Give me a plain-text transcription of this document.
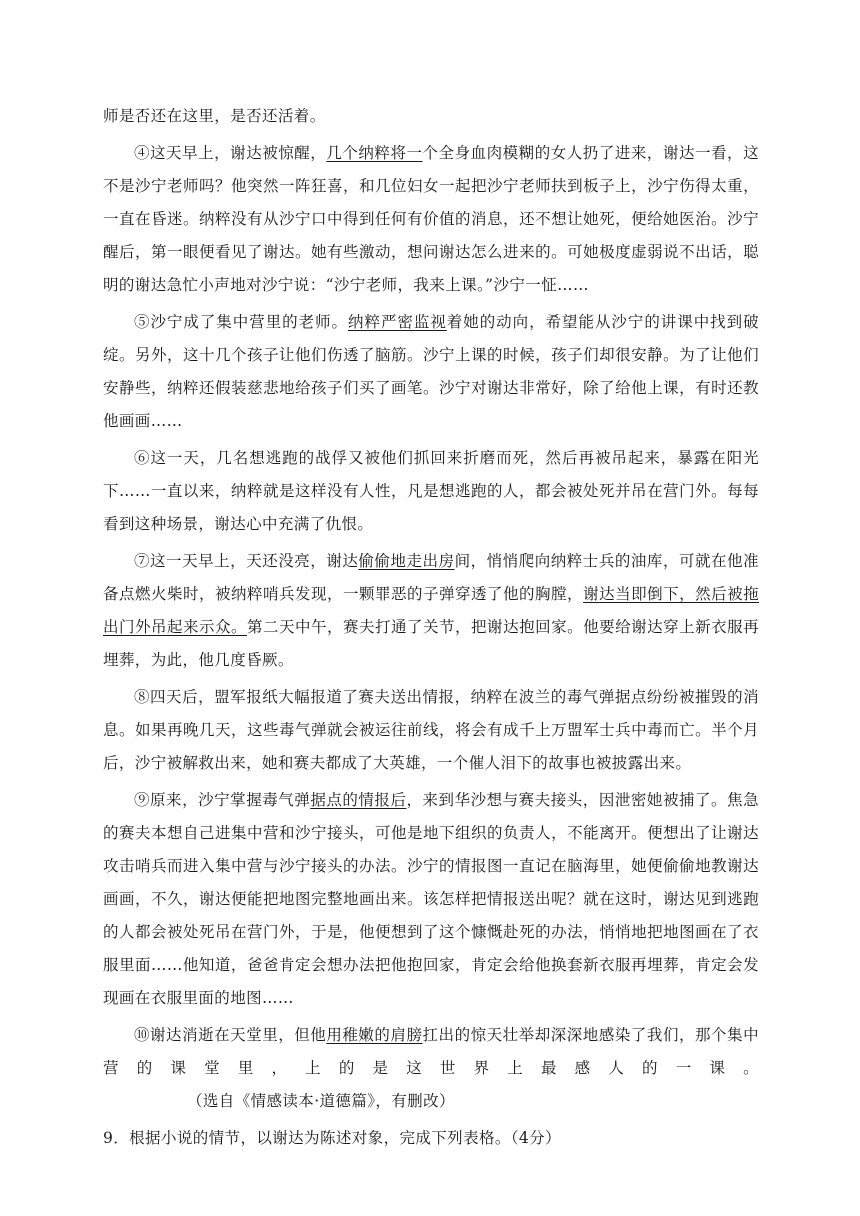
师是否还在这里，是否还活着。

④这天早上，谢达被惊醒，几个纳粹将一个全身血肉模糊的女人扔了进来，谢达一看，这不是沙宁老师吗？他突然一阵狂喜，和几位妇女一起把沙宁老师扶到板子上，沙宁伤得太重，一直在昏迷。纳粹没有从沙宁口中得到任何有价值的消息，还不想让她死，便给她医治。沙宁醒后，第一眼便看见了谢达。她有些激动，想问谢达怎么进来的。可她极度虚弱说不出话，聪明的谢达急忙小声地对沙宁说：“沙宁老师，我来上课。”沙宁一怔……

⑤沙宁成了集中营里的老师。纳粹严密监视着她的动向，希望能从沙宁的讲课中找到破绽。另外，这十几个孩子让他们伤透了脑筋。沙宁上课的时候，孩子们却很安静。为了让他们安静些，纳粹还假装慈悲地给孩子们买了画笔。沙宁对谢达非常好，除了给他上课，有时还教他画画……

⑥这一天，几名想逃跑的战俘又被他们抓回来折磨而死，然后再被吊起来，暴露在阳光下……一直以来，纳粹就是这样没有人性，凡是想逃跑的人，都会被处死并吊在营门外。每每看到这种场景，谢达心中充满了仇恨。

⑦这一天早上，天还没亮，谢达偷偷地走出房间，悄悄爬向纳粹士兵的油库，可就在他准备点燃火柴时，被纳粹哨兵发现，一颗罪恶的子弹穿透了他的胸膛，谢达当即倒下，然后被拖出门外吊起来示众。第二天中午，赛夫打通了关节，把谢达抱回家。他要给谢达穿上新衣服再埋葬，为此，他几度昏厥。

⑧四天后，盟军报纸大幅报道了赛夫送出情报，纳粹在波兰的毒气弹据点纷纷被摧毁的消息。如果再晚几天，这些毒气弹就会被运往前线，将会有成千上万盟军士兵中毒而亡。半个月后，沙宁被解救出来，她和赛夫都成了大英雄，一个催人泪下的故事也被披露出来。

⑨原来，沙宁掌握毒气弹据点的情报后，来到华沙想与赛夫接头，因泄密她被捕了。焦急的赛夫本想自己进集中营和沙宁接头，可他是地下组织的负责人，不能离开。便想出了让谢达攻击哨兵而进入集中营与沙宁接头的办法。沙宁的情报图一直记在脑海里，她便偷偷地教谢达画画，不久，谢达便能把地图完整地画出来。该怎样把情报送出呢？就在这时，谢达见到逃跑的人都会被处死吊在营门外，于是，他便想到了这个慷慨赴死的办法，悄悄地把地图画在了衣服里面……他知道，爸爸肯定会想办法把他抱回家，肯定会给他换套新衣服再埋葬，肯定会发现画在衣服里面的地图……

⑩谢达消逝在天堂里，但他用稚嫩的肩膀扛出的惊天壮举却深深地感染了我们，那个集中营的课堂里，上的是这世界上最感人的一课。（选自《情感读本·道德篇》，有删改）

9．根据小说的情节，以谢达为陈述对象，完成下列表格。（4分）
